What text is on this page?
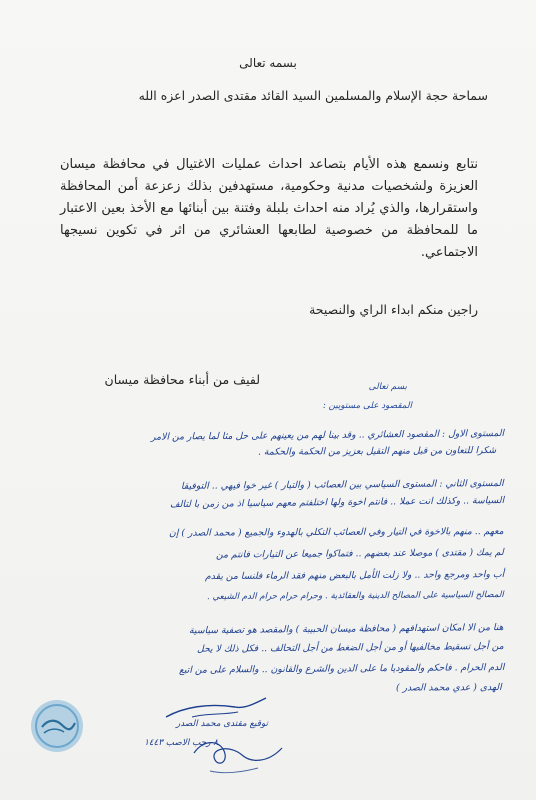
بسمه تعالى
سماحة حجة الإسلام والمسلمين السيد القائد مقتدى الصدر اعزه الله
نتابع ونسمع هذه الأيام بتصاعد احداث عمليات الاغتيال في محافظة ميسان العزيزة ولشخصيات مدنية وحكومية، مستهدفين بذلك زعزعة أمن المحافظة واستقرارها، والذي يُراد منه احداث بلبلة وفتنة بين أبنائها مع الأخذ بعين الاعتبار ما للمحافظة من خصوصية لطابعها العشائري من اثر في تكوين نسيجها الاجتماعي.
راجين منكم ابداء الراي والنصيحة
لفيف من أبناء محافظة ميسان	بسم تعالى
المقصود على مستويين :
المستوى الاول : المقصود العشائري .. وقد بينا لهم من يعينهم على حل مثا لما يصار من الامر
شكرا للتعاون من قبل منهم التقيل بعزيز من الحكمة والحكمة .
المستوى الثاني : المستوى السياسي بين العصائب ( والتيار ) غير خوا فيهي .. التوفيقا
السياسة .. وكذلك انت عملا .. فانتم اخوة ولها اختلفتم معهم سياسيا اذ من زمن با لتالف
معهم .. منهم بالاخوة في التيار وفي العصائب التكلي بالهدوء والجميع ( محمد الصدر ) إن
لم يمك ( مقتدى ) موصلا عند بعضهم .. فتماكوا جميعا عن التيارات فانتم من
أب واحد ومرجع واحد .. ولا زلت الأمل بالبعض منهم فقد الرماء فلنسا من يقدم
المصالح السياسية على المصالح الدينية والعقائدية . وحرام حرام حرام الدم الشيعي .
هنا من الا امكان استهدافهم ( محافظة ميسان الحبيبة ) والمقصد هو تصفية سياسية
من أجل تسقيط مخالفيها أو من أجل الضغط من أجل التحالف .. فكل ذلك لا يحل
الدم الحرام . فاحكم والمقوديا ما على الدين والشرع والقانون .. والسلام على من اتبع
الهدى ( عدي محمد الصدر )
توقيع مقتدى محمد الصدر
٨ رجب الاصب ١٤٤٣
